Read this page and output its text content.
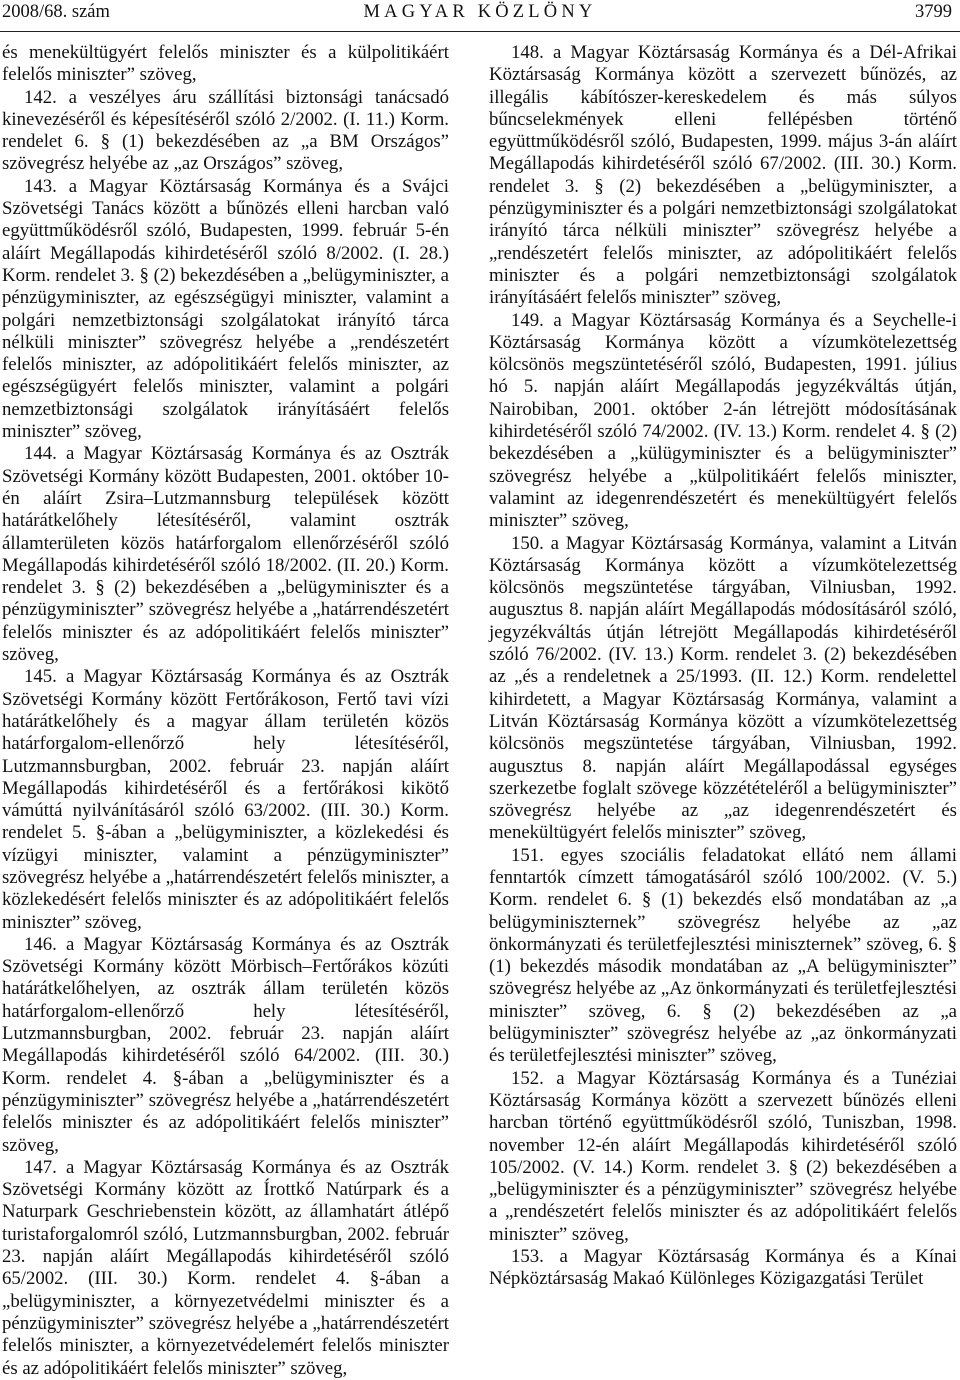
2008/68. szám	MAGYAR KÖZLÖNY	3799

és menekültügyért felelős miniszter és a külpolitikáért felelős miniszter” szöveg,

142. a veszélyes áru szállítási biztonsági tanácsadó kinevezéséről és képesítéséről szóló 2/2002. (I. 11.) Korm. rendelet 6. § (1) bekezdésében az „a BM Országos” szövegrész helyébe az „az Országos” szöveg,

143. a Magyar Köztársaság Kormánya és a Svájci Szövetségi Tanács között a bűnözés elleni harcban való együttműködésről szóló, Budapesten, 1999. február 5-én aláírt Megállapodás kihirdetéséről szóló 8/2002. (I. 28.) Korm. rendelet 3. § (2) bekezdésében a „belügyminiszter, a pénzügyminiszter, az egészségügyi miniszter, valamint a polgári nemzetbiztonsági szolgálatokat irányító tárca nélküli miniszter” szövegrész helyébe a „rendészetért felelős miniszter, az adópolitikáért felelős miniszter, az egészségügyért felelős miniszter, valamint a polgári nemzetbiztonsági szolgálatok irányításáért felelős miniszter” szöveg,

144. a Magyar Köztársaság Kormánya és az Osztrák Szövetségi Kormány között Budapesten, 2001. október 10-én aláírt Zsira–Lutzmannsburg települések között határátkelőhely létesítéséről, valamint osztrák államterületen közös határforgalom ellenőrzéséről szóló Megállapodás kihirdetéséről szóló 18/2002. (II. 20.) Korm. rendelet 3. § (2) bekezdésében a „belügyminiszter és a pénzügyminiszter” szövegrész helyébe a „határrendészetért felelős miniszter és az adópolitikáért felelős miniszter” szöveg,

145. a Magyar Köztársaság Kormánya és az Osztrák Szövetségi Kormány között Fertőrákoson, Fertő tavi vízi határátkelőhely és a magyar állam területén közös határforgalom-ellenőrző hely létesítéséről, Lutzmannsburgban, 2002. február 23. napján aláírt Megállapodás kihirdetéséről és a fertőrákosi kikötő vámúttá nyilvánításáról szóló 63/2002. (III. 30.) Korm. rendelet 5. §-ában a „belügyminiszter, a közlekedési és vízügyi miniszter, valamint a pénzügyminiszter” szövegrész helyébe a „határrendészetért felelős miniszter, a közlekedésért felelős miniszter és az adópolitikáért felelős miniszter” szöveg,

146. a Magyar Köztársaság Kormánya és az Osztrák Szövetségi Kormány között Mörbisch–Fertőrákos közúti határátkelőhelyen, az osztrák állam területén közös határforgalom-ellenőrző hely létesítéséről, Lutzmannsburgban, 2002. február 23. napján aláírt Megállapodás kihirdetéséről szóló 64/2002. (III. 30.) Korm. rendelet 4. §-ában a „belügyminiszter és a pénzügyminiszter” szövegrész helyébe a „határrendészetért felelős miniszter és az adópolitikáért felelős miniszter” szöveg,

147. a Magyar Köztársaság Kormánya és az Osztrák Szövetségi Kormány között az Írottkő Natúrpark és a Naturpark Geschriebenstein között, az államhatárt átlépő turistaforgalomról szóló, Lutzmannsburgban, 2002. február 23. napján aláírt Megállapodás kihirdetéséről szóló 65/2002. (III. 30.) Korm. rendelet 4. §-ában a „belügyminiszter, a környezetvédelmi miniszter és a pénzügyminiszter” szövegrész helyébe a „határrendészetért felelős miniszter, a környezetvédelemért felelős miniszter és az adópolitikáért felelős miniszter” szöveg,

148. a Magyar Köztársaság Kormánya és a Dél-Afrikai Köztársaság Kormánya között a szervezett bűnözés, az illegális kábítószer-kereskedelem és más súlyos bűncselekmények elleni fellépésben történő együttműködésről szóló, Budapesten, 1999. május 3-án aláírt Megállapodás kihirdetéséről szóló 67/2002. (III. 30.) Korm. rendelet 3. § (2) bekezdésében a „belügyminiszter, a pénzügyminiszter és a polgári nemzetbiztonsági szolgálatokat irányító tárca nélküli miniszter” szövegrész helyébe a „rendészetért felelős miniszter, az adópolitikáért felelős miniszter és a polgári nemzetbiztonsági szolgálatok irányításáért felelős miniszter” szöveg,

149. a Magyar Köztársaság Kormánya és a Seychelle-i Köztársaság Kormánya között a vízumkötelezettség kölcsönös megszüntetéséről szóló, Budapesten, 1991. július hó 5. napján aláírt Megállapodás jegyzékváltás útján, Nairobiban, 2001. október 2-án létrejött módosításának kihirdetéséről szóló 74/2002. (IV. 13.) Korm. rendelet 4. § (2) bekezdésében a „külügyminiszter és a belügyminiszter” szövegrész helyébe a „külpolitikáért felelős miniszter, valamint az idegenrendészetért és menekültügyért felelős miniszter” szöveg,

150. a Magyar Köztársaság Kormánya, valamint a Litván Köztársaság Kormánya között a vízumkötelezettség kölcsönös megszüntetése tárgyában, Vilniusban, 1992. augusztus 8. napján aláírt Megállapodás módosításáról szóló, jegyzékváltás útján létrejött Megállapodás kihirdetéséről szóló 76/2002. (IV. 13.) Korm. rendelet 3. (2) bekezdésében az „és a rendeletnek a 25/1993. (II. 12.) Korm. rendelettel kihirdetett, a Magyar Köztársaság Kormánya, valamint a Litván Köztársaság Kormánya között a vízumkötelezettség kölcsönös megszüntetése tárgyában, Vilniusban, 1992. augusztus 8. napján aláírt Megállapodással egységes szerkezetbe foglalt szövege közzétételéről a belügyminiszter” szövegrész helyébe az „az idegenrendészetért és menekültügyért felelős miniszter” szöveg,

151. egyes szociális feladatokat ellátó nem állami fenntartók címzett támogatásáról szóló 100/2002. (V. 5.) Korm. rendelet 6. § (1) bekezdés első mondatában az „a belügyminiszternek” szövegrész helyébe az „az önkormányzati és területfejlesztési miniszternek” szöveg, 6. § (1) bekezdés második mondatában az „A belügyminiszter” szövegrész helyébe az „Az önkormányzati és területfejlesztési miniszter” szöveg, 6. § (2) bekezdésében az „a belügyminiszter” szövegrész helyébe az „az önkormányzati és területfejlesztési miniszter” szöveg,

152. a Magyar Köztársaság Kormánya és a Tunéziai Köztársaság Kormánya között a szervezett bűnözés elleni harcban történő együttműködésről szóló, Tuniszban, 1998. november 12-én aláírt Megállapodás kihirdetéséről szóló 105/2002. (V. 14.) Korm. rendelet 3. § (2) bekezdésében a „belügyminiszter és a pénzügyminiszter” szövegrész helyébe a „rendészetért felelős miniszter és az adópolitikáért felelős miniszter” szöveg,

153. a Magyar Köztársaság Kormánya és a Kínai Népköztársaság Makaó Különleges Közigazgatási Terület
